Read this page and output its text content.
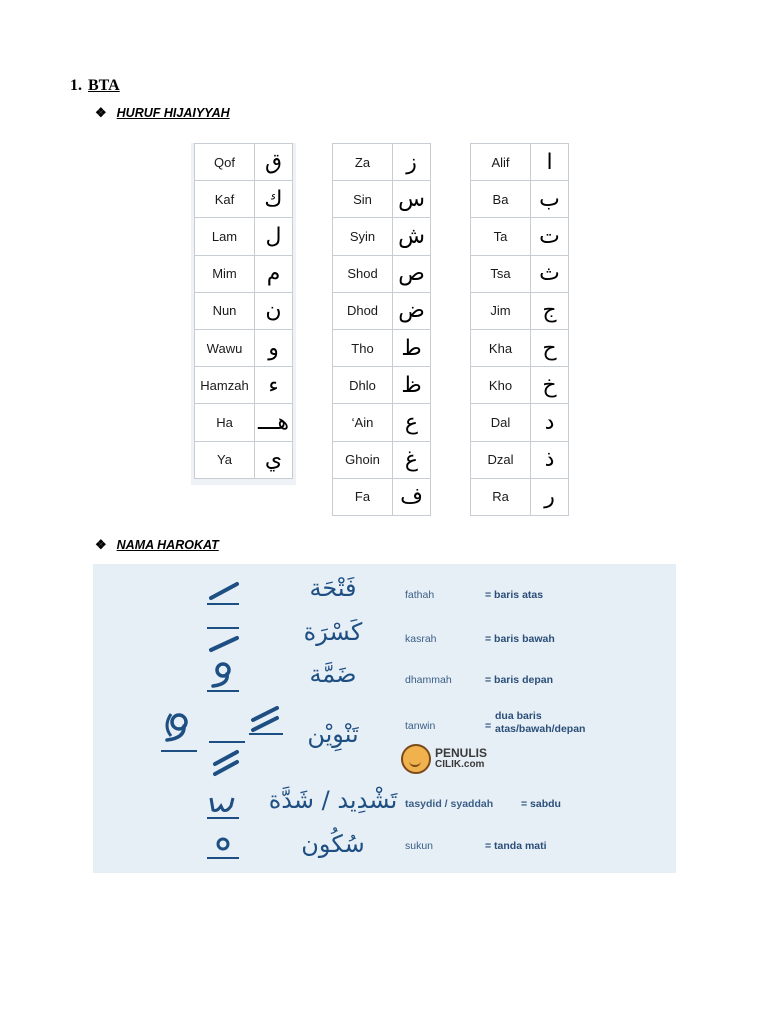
1. BTA
❖ HURUF HIJAIYYAH
Qof	ق
Kaf	ك
Lam	ل
Mim	م
Nun	ن
Wawu	و
Hamzah	ء
Ha	هـــ
Ya	ي
Za	ز
Sin	س
Syin	ش
Shod	ص
Dhod	ض
Tho	ط
Dhlo	ظ
‘Ain	ع
Ghoin	غ
Fa	ف
Alif	ا
Ba	ب
Ta	ت
Tsa	ث
Jim	ج
Kha	ح
Kho	خ
Dal	د
Dzal	ذ
Ra	ر
❖ NAMA HAROKAT
فَتْحَة	fathah	= baris atas
كَسْرَة	kasrah	= baris bawah
ضَمَّة	dhammah	= baris depan
تَنْوِيْن	tanwin	=
dua baris atas/bawah/depan
PENULIS
CILIK.com
تَشْدِيد / شَدَّة tasydid / syaddah	= sabdu
سُكُون	sukun	= tanda mati
